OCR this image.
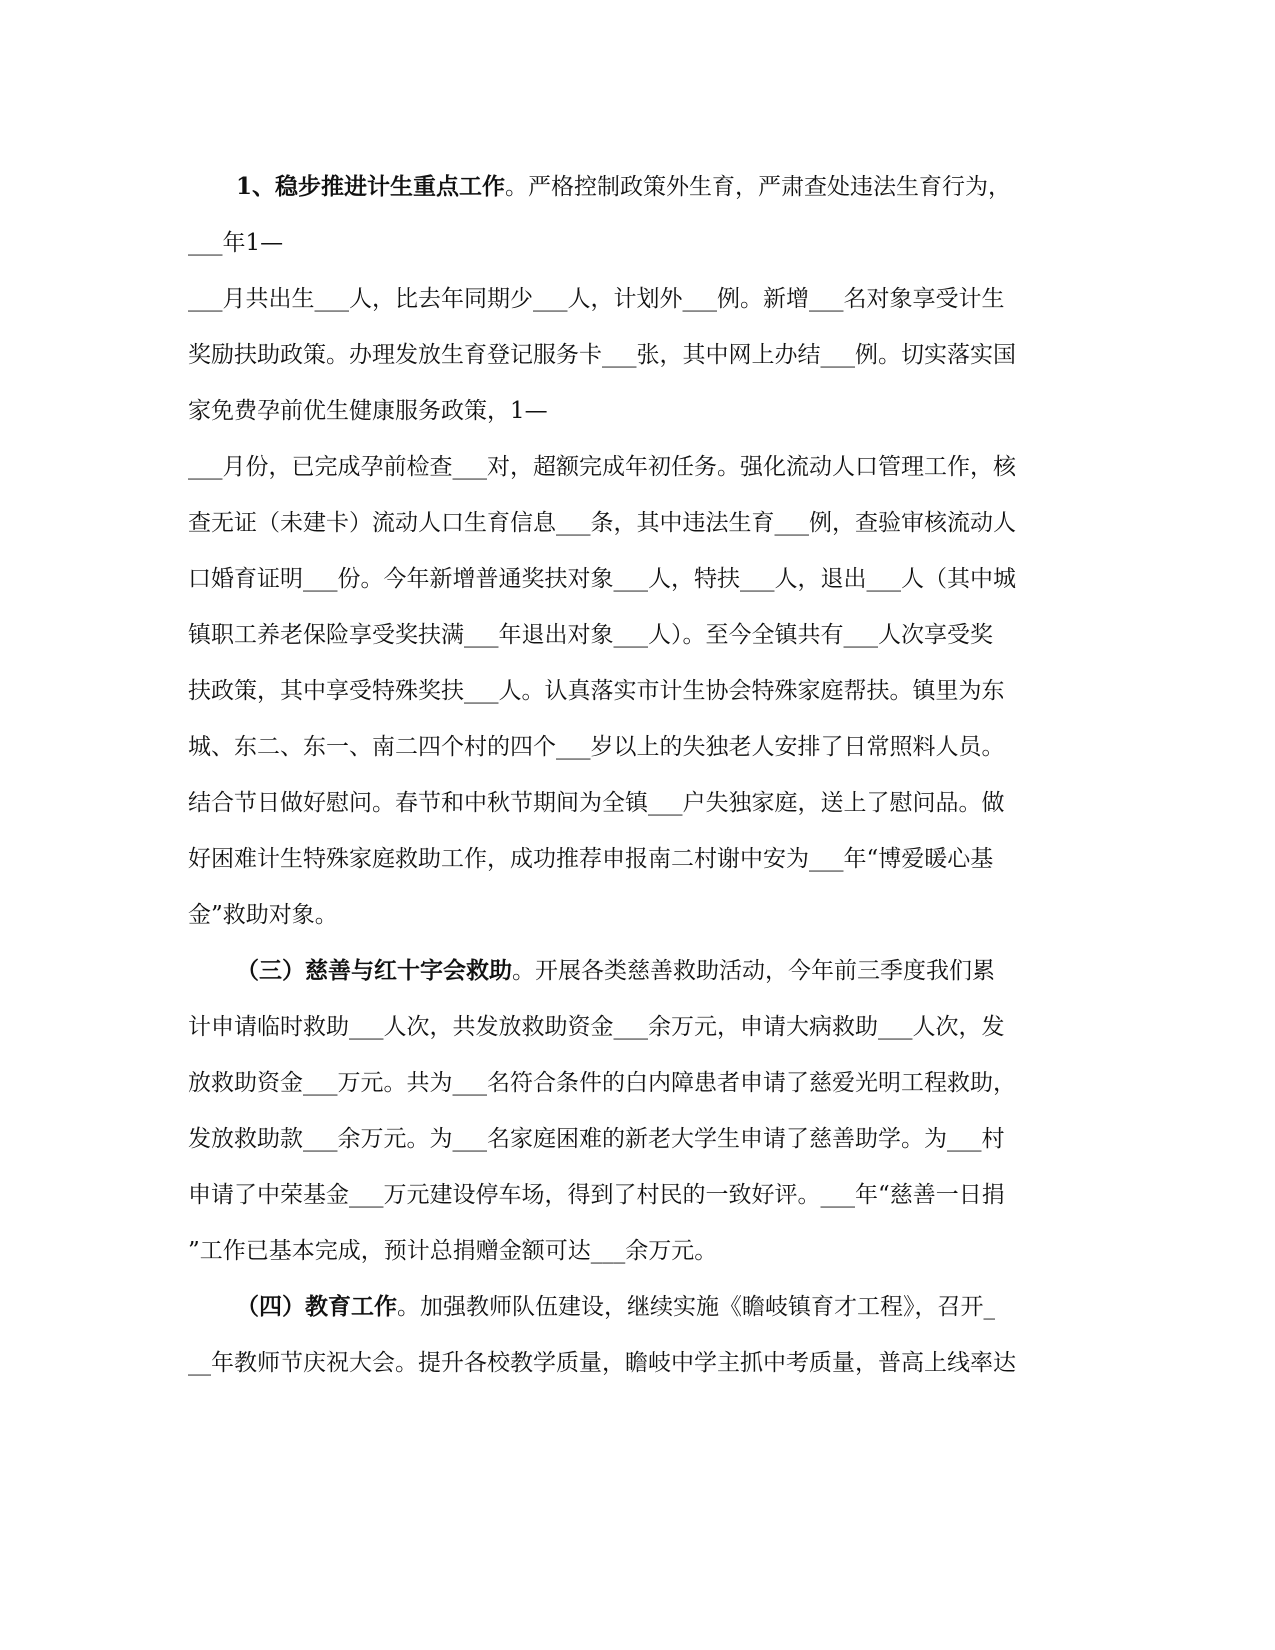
1、稳步推进计生重点工作。严格控制政策外生育，严肃查处违法生育行为，
___年1—
___月共出生___人，比去年同期少___人，计划外___例。新增___名对象享受计生
奖励扶助政策。办理发放生育登记服务卡___张，其中网上办结___例。切实落实国
家免费孕前优生健康服务政策，1—
___月份，已完成孕前检查___对，超额完成年初任务。强化流动人口管理工作，核
查无证（未建卡）流动人口生育信息___条，其中违法生育___例，查验审核流动人
口婚育证明___份。今年新增普通奖扶对象___人，特扶___人，退出___人（其中城
镇职工养老保险享受奖扶满___年退出对象___人）。至今全镇共有___人次享受奖
扶政策，其中享受特殊奖扶___人。认真落实市计生协会特殊家庭帮扶。镇里为东
城、东二、东一、南二四个村的四个___岁以上的失独老人安排了日常照料人员。
结合节日做好慰问。春节和中秋节期间为全镇___户失独家庭，送上了慰问品。做
好困难计生特殊家庭救助工作，成功推荐申报南二村谢中安为___年“博爱暖心基
金”救助对象。
（三）慈善与红十字会救助。开展各类慈善救助活动，今年前三季度我们累
计申请临时救助___人次，共发放救助资金___余万元，申请大病救助___人次，发
放救助资金___万元。共为___名符合条件的白内障患者申请了慈爱光明工程救助，
发放救助款___余万元。为___名家庭困难的新老大学生申请了慈善助学。为___村
申请了中荣基金___万元建设停车场，得到了村民的一致好评。___年“慈善一日捐
”工作已基本完成，预计总捐赠金额可达___余万元。
（四）教育工作。加强教师队伍建设，继续实施《瞻岐镇育才工程》，召开_
__年教师节庆祝大会。提升各校教学质量，瞻岐中学主抓中考质量，普高上线率达
